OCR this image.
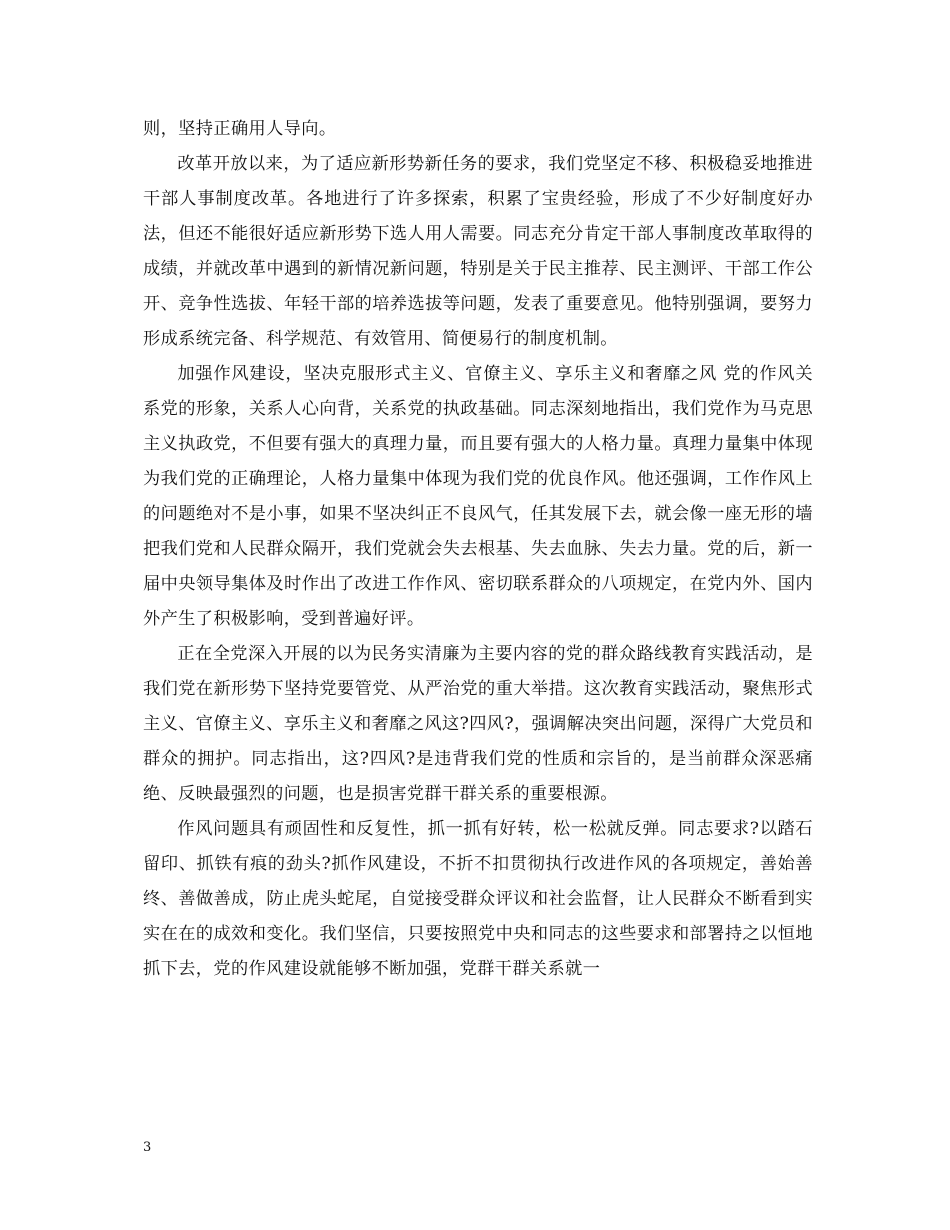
则，坚持正确用人导向。

改革开放以来，为了适应新形势新任务的要求，我们党坚定不移、积极稳妥地推进干部人事制度改革。各地进行了许多探索，积累了宝贵经验，形成了不少好制度好办法，但还不能很好适应新形势下选人用人需要。同志充分肯定干部人事制度改革取得的成绩，并就改革中遇到的新情况新问题，特别是关于民主推荐、民主测评、干部工作公开、竞争性选拔、年轻干部的培养选拔等问题，发表了重要意见。他特别强调，要努力形成系统完备、科学规范、有效管用、简便易行的制度机制。

加强作风建设，坚决克服形式主义、官僚主义、享乐主义和奢靡之风 党的作风关系党的形象，关系人心向背，关系党的执政基础。同志深刻地指出，我们党作为马克思主义执政党，不但要有强大的真理力量，而且要有强大的人格力量。真理力量集中体现为我们党的正确理论，人格力量集中体现为我们党的优良作风。他还强调，工作作风上的问题绝对不是小事，如果不坚决纠正不良风气，任其发展下去，就会像一座无形的墙把我们党和人民群众隔开，我们党就会失去根基、失去血脉、失去力量。党的后，新一届中央领导集体及时作出了改进工作作风、密切联系群众的八项规定，在党内外、国内外产生了积极影响，受到普遍好评。

正在全党深入开展的以为民务实清廉为主要内容的党的群众路线教育实践活动，是我们党在新形势下坚持党要管党、从严治党的重大举措。这次教育实践活动，聚焦形式主义、官僚主义、享乐主义和奢靡之风这?四风?，强调解决突出问题，深得广大党员和群众的拥护。同志指出，这?四风?是违背我们党的性质和宗旨的，是当前群众深恶痛绝、反映最强烈的问题，也是损害党群干群关系的重要根源。

作风问题具有顽固性和反复性，抓一抓有好转，松一松就反弹。同志要求?以踏石留印、抓铁有痕的劲头?抓作风建设，不折不扣贯彻执行改进作风的各项规定，善始善终、善做善成，防止虎头蛇尾，自觉接受群众评议和社会监督，让人民群众不断看到实实在在的成效和变化。我们坚信，只要按照党中央和同志的这些要求和部署持之以恒地抓下去，党的作风建设就能够不断加强，党群干群关系就一

3
